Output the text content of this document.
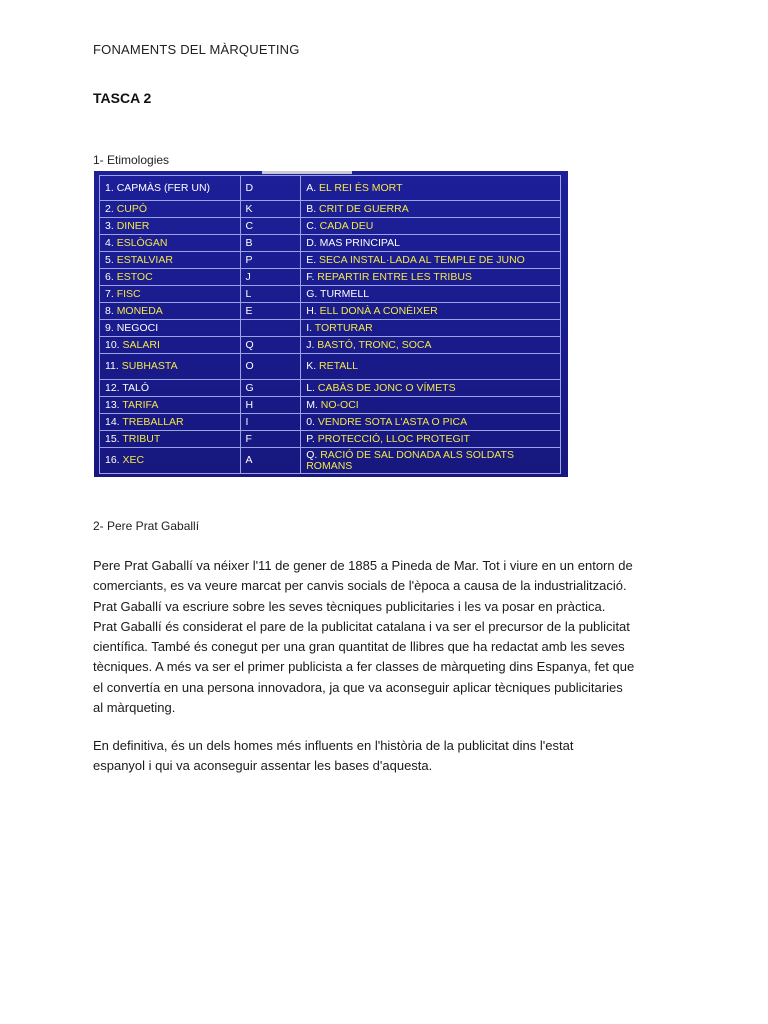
FONAMENTS DEL MÀRQUETING
TASCA 2
1- Etimologies
1. CAPMÀS (FER UN)	D	A. EL REI ÉS MORT
2. CUPÓ	K	B. CRIT DE GUERRA
3. DINER	C	C. CADA DEU
4. ESLÒGAN	B	D. MAS PRINCIPAL
5. ESTALVIAR	P	E. SECA INSTAL·LADA AL TEMPLE DE JUNO
6. ESTOC	J	F. REPARTIR ENTRE LES TRIBUS
7. FISC	L	G. TURMELL
8. MONEDA	E	H. ELL DONÀ A CONÈIXER
9. NEGOCI		I. TORTURAR
10. SALARI	Q	J. BASTÓ, TRONC, SOCA
11. SUBHASTA	O	K. RETALL
12. TALÓ	G	L. CABÀS DE JONC O VÍMETS
13. TARIFA	H	M. NO-OCI
14. TREBALLAR	I	0. VENDRE SOTA L'ASTA O PICA
15. TRIBUT	F	P. PROTECCIÓ, LLOC PROTEGIT
16. XEC	A	Q. RACIÓ DE SAL DONADA ALS SOLDATS ROMANS
2- Pere Prat Gaballí
Pere Prat Gaballí va néixer l'11 de gener de 1885 a Pineda de Mar. Tot i viure en un entorn de
comerciants, es va veure marcat per canvis socials de l'època a causa de la industrialització.
Prat Gaballí va escriure sobre les seves tècniques publicitaries i les va posar en pràctica.
Prat Gaballí és considerat el pare de la publicitat catalana i va ser el precursor de la publicitat
científica. També és conegut per una gran quantitat de llibres que ha redactat amb les seves
tècniques. A més va ser el primer publicista a fer classes de màrqueting dins Espanya, fet que
el convertía en una persona innovadora, ja que va aconseguir aplicar tècniques publicitaries
al màrqueting.
En definitiva, és un dels homes més influents en l'història de la publicitat dins l'estat
espanyol i qui va aconseguir assentar les bases d'aquesta.
